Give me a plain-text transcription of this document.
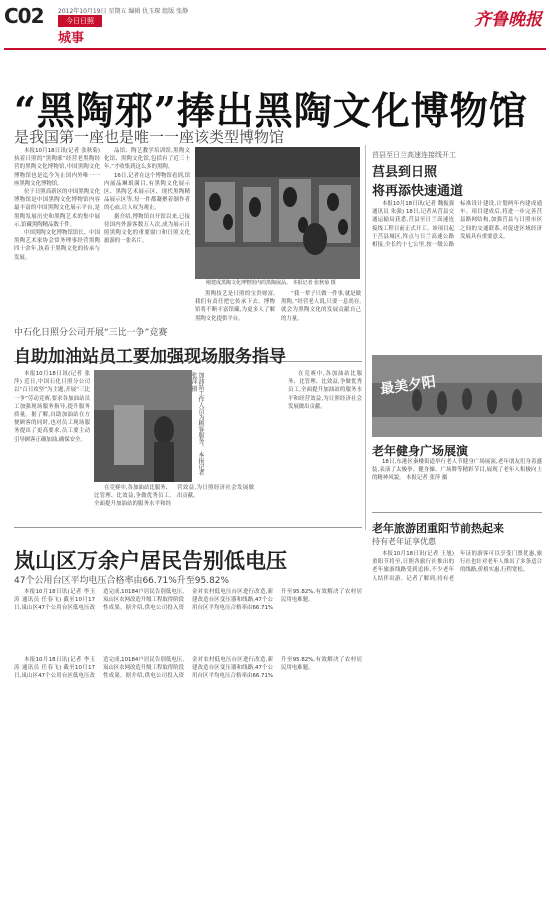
C02 2012年10月19日 星期五 编辑 仇玉琛 组版 张静
今日日照
城事
齐鲁晚报
“黑陶邪”捧出黑陶文化博物馆
是我国第一座也是唯一一座该类型博物馆

本报10月18日讯(记者 张秋菊) 执着日照的“黑陶邪”经营老黑陶经营的黑陶文化博物馆,中国黑陶文化博物馆也是迄今为止国内外唯一一座黑陶文化博物馆。

位于日照高新区的中国黑陶文化博物馆是中国黑陶文化博物馆内容最丰富的中国黑陶文化展示平台,是黑陶发展历史和黑陶艺术的集中展示,馆藏黑陶精品数千件。

中国黑陶文化博物馆馆长、中国黑陶艺术家协会常务理事经营黑陶四十余年,执着于黑陶文化的传承与发展。

品馆、陶艺教学培训馆,黑陶文化馆、黑陶文化馆,包括有了近三十年,“才收集到这么多的黑陶。

16日,记者在这个博物馆看到,馆内展品琳琅满目,有黑陶文化展示区、黑陶艺术展示区、现代黑陶精品展示区等,每一件都凝聚着制作者的心血,让人叹为观止。

据介绍,博物馆自开馆以来,已接待国内外游客数万人次,成为展示日照黑陶文化的重要窗口和日照文化旅游的一张名片。

刚建成黑陶文化博物馆内的黑陶展品。 本报记者 张秋菊 摄

黑陶技艺是日照的宝贵财富,我们有责任把它传承下去。博物馆将不断丰富馆藏,为更多人了解黑陶文化提供平台。

“我一辈子只做一件事,就是做黑陶。”经营老人说,只要一息尚存,就会为黑陶文化的发展贡献自己的力量。

莒县至日兰高速连接线开工
莒县到日照
将再添快速通道

本报10月18日讯(记者 魏振强 通讯员 朱强) 18日,记者从莒县交通运输局获悉,莒县至日兰高速连接线工程日前正式开工。该项目起于莒县城区,终点与日兰高速公路相接,全长约十七公里,按一级公路标准设计建设,计划两年内建成通车。项目建成后,将进一步完善莒县路网结构,加强莒县与日照市区之间的交通联系,对促进区域经济发展具有重要意义。

中石化日照分公司开展“三比一争”竞赛
自助加油站员工要加强现场服务指导

本报10月18日讯(记者 张萍) 近日,中国石化日照分公司以“百日攻坚”为主题,开展“三比一争”劳动竞赛,要求各加油站员工加强现场服务指导,提升服务质量。据了解,自助加油站在方便顾客的同时,也对员工现场服务提出了更高要求,员工要主动引导顾客正确加油,确保安全。	加油站工作人员为顾客服务。 本报记者 张萍 摄

在竞赛中,各加油站比服务、比管理、比效益,争做优秀员工,全面提升加油站的服务水平和经营效益,为日照经济社会发展做出贡献。

在竞赛中,各加油站比服务、比管理、比效益,争做优秀员工,全面提升加油站的服务水平和经营效益,为日照经济社会发展做出贡献。

最美夕阳
老年健身广场展演

18日,东港区秦楼街道举行老人节健身广场展演,老年朋友们身着盛装,表演了太极拳、健身操、广场舞等精彩节目,展现了老年人积极向上的精神风貌。 本报记者 张萍 摄

岚山区万余户居民告别低电压
47个公用台区平均电压合格率由66.71%升至95.82%

本报10月18日讯(记者 李玉涛 通讯员 任春飞) 截至10月17日,岚山区47个公用台区低电压改造完成,10184户居民告别低电压,岚山区农网改造升级工程取得阶段性成果。据介绍,供电公司投入资金对农村低电压台区进行改造,新建改造台区变压器和线路,47个公用台区平均电压合格率由66.71%升至95.82%,有效解决了农村居民用电难题。

本报10月18日讯(记者 李玉涛 通讯员 任春飞) 截至10月17日,岚山区47个公用台区低电压改造完成,10184户居民告别低电压,岚山区农网改造升级工程取得阶段性成果。据介绍,供电公司投入资金对农村低电压台区进行改造,新建改造台区变压器和线路,47个公用台区平均电压合格率由66.71%升至95.82%,有效解决了农村居民用电难题。

老年旅游团重阳节前热起来
持有老年证享优惠

本报10月18日讯(记者 王旭) 重阳节将至,日照各旅行社推出的老年旅游线路受到追捧,不少老年人结伴出游。记者了解到,持有老年证的游客可以享受门票优惠,旅行社也针对老年人推出了多条适合的线路,价格实惠,行程宽松。
